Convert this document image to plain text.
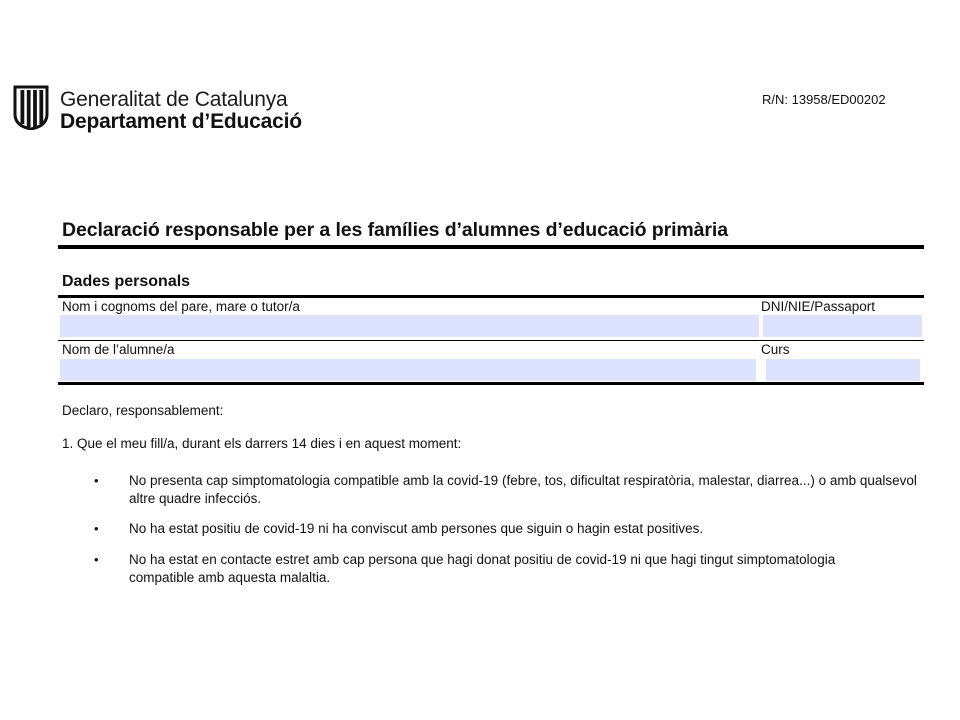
Generalitat de Catalunya
Departament d’Educació
R/N: 13958/ED00202
Declaració responsable per a les famílies d’alumnes d’educació primària
Dades personals
Nom i cognoms del pare, mare o tutor/a	DNI/NIE/Passaport
Nom de l’alumne/a	Curs
Declaro, responsablement:
1. Que el meu fill/a, durant els darrers 14 dies i en aquest moment:
• No presenta cap simptomatologia compatible amb la covid-19 (febre, tos, dificultat respiratòria, malestar, diarrea...) o amb qualsevol altre quadre infecciós.
• No ha estat positiu de covid-19 ni ha conviscut amb persones que siguin o hagin estat positives.
• No ha estat en contacte estret amb cap persona que hagi donat positiu de covid-19 ni que hagi tingut simptomatologia compatible amb aquesta malaltia.
